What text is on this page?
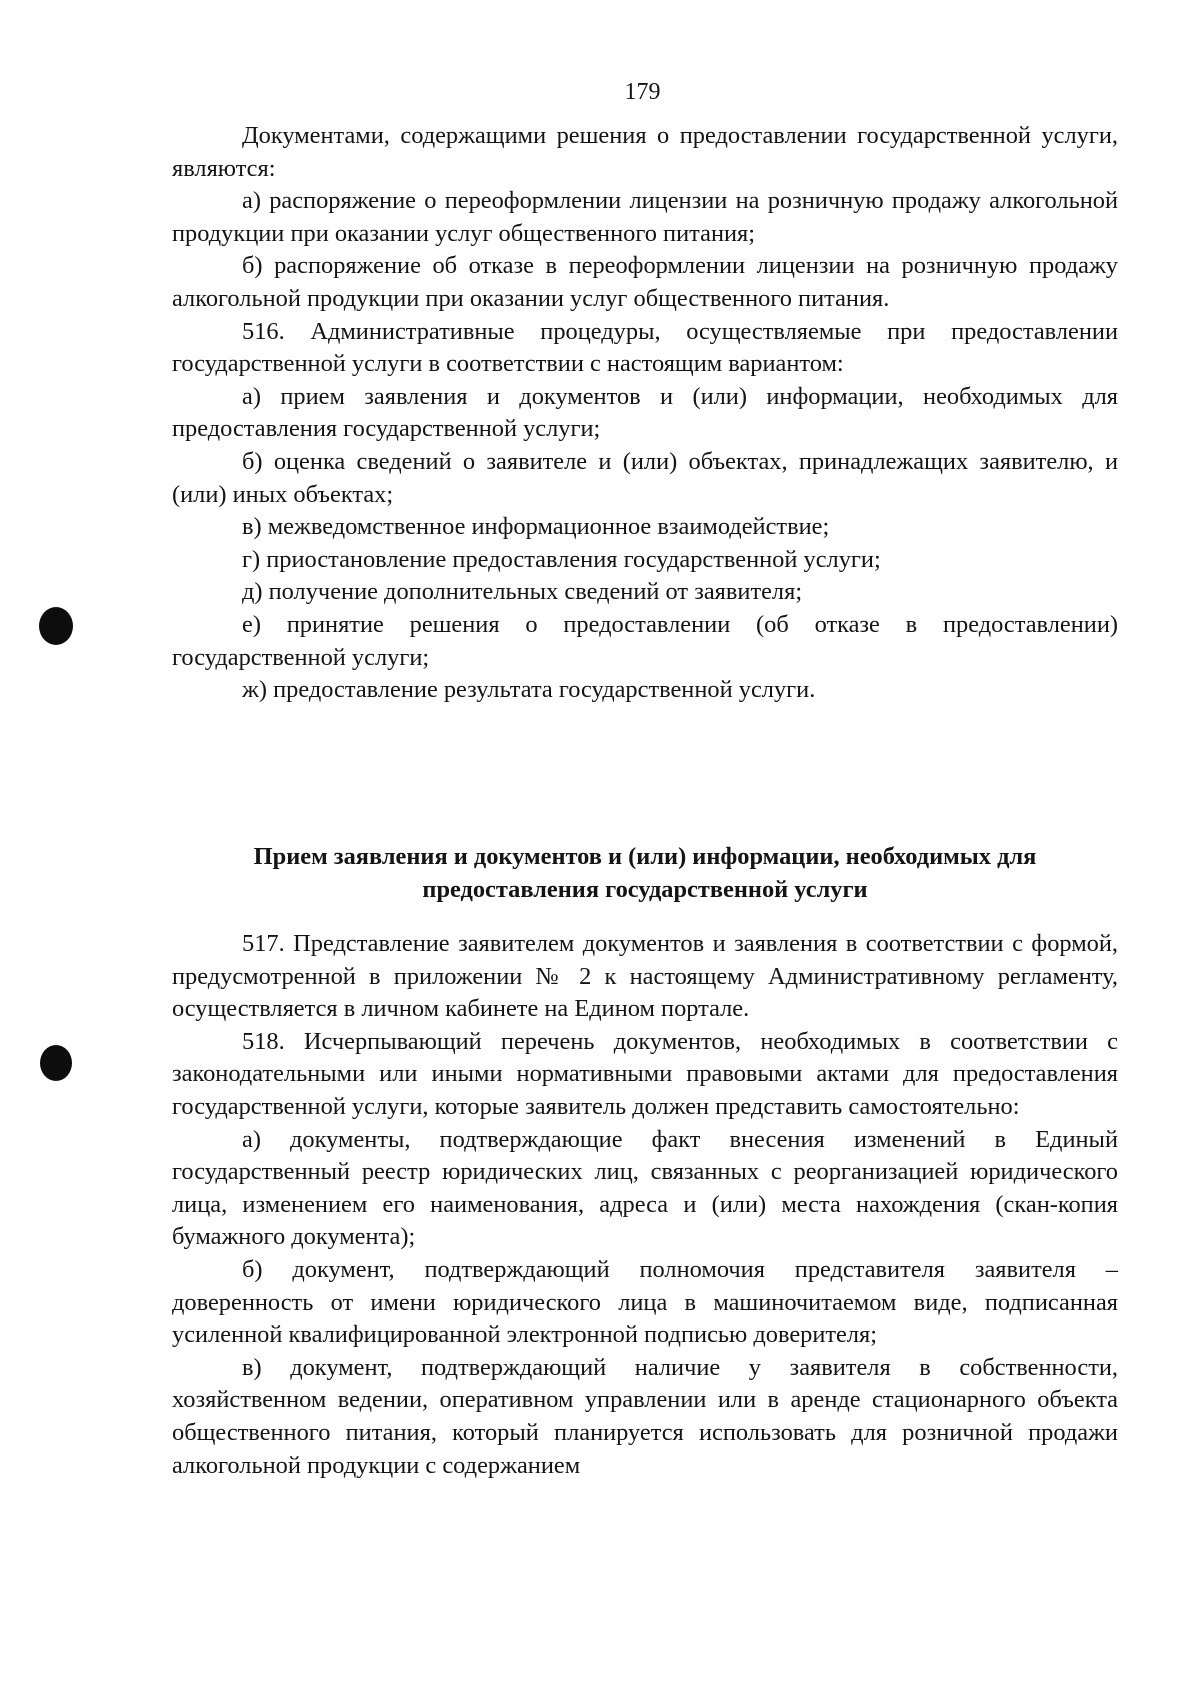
179

Документами, содержащими решения о предоставлении государственной услуги, являются:

а) распоряжение о переоформлении лицензии на розничную продажу алкогольной продукции при оказании услуг общественного питания;

б) распоряжение об отказе в переоформлении лицензии на розничную продажу алкогольной продукции при оказании услуг общественного питания.

516. Административные процедуры, осуществляемые при предоставлении государственной услуги в соответствии с настоящим вариантом:

а) прием заявления и документов и (или) информации, необходимых для предоставления государственной услуги;

б) оценка сведений о заявителе и (или) объектах, принадлежащих заявителю, и (или) иных объектах;

в) межведомственное информационное взаимодействие;

г) приостановление предоставления государственной услуги;

д) получение дополнительных сведений от заявителя;

е) принятие решения о предоставлении (об отказе в предоставлении) государственной услуги;

ж) предоставление результата государственной услуги.

Прием заявления и документов и (или) информации, необходимых для предоставления государственной услуги

517. Представление заявителем документов и заявления в соответствии с формой, предусмотренной в приложении № 2 к настоящему Административному регламенту, осуществляется в личном кабинете на Едином портале.

518. Исчерпывающий перечень документов, необходимых в соответствии с законодательными или иными нормативными правовыми актами для предоставления государственной услуги, которые заявитель должен представить самостоятельно:

а) документы, подтверждающие факт внесения изменений в Единый государственный реестр юридических лиц, связанных с реорганизацией юридического лица, изменением его наименования, адреса и (или) места нахождения (скан-копия бумажного документа);

б) документ, подтверждающий полномочия представителя заявителя – доверенность от имени юридического лица в машиночитаемом виде, подписанная усиленной квалифицированной электронной подписью доверителя;

в) документ, подтверждающий наличие у заявителя в собственности, хозяйственном ведении, оперативном управлении или в аренде стационарного объекта общественного питания, который планируется использовать для розничной продажи алкогольной продукции с содержанием
